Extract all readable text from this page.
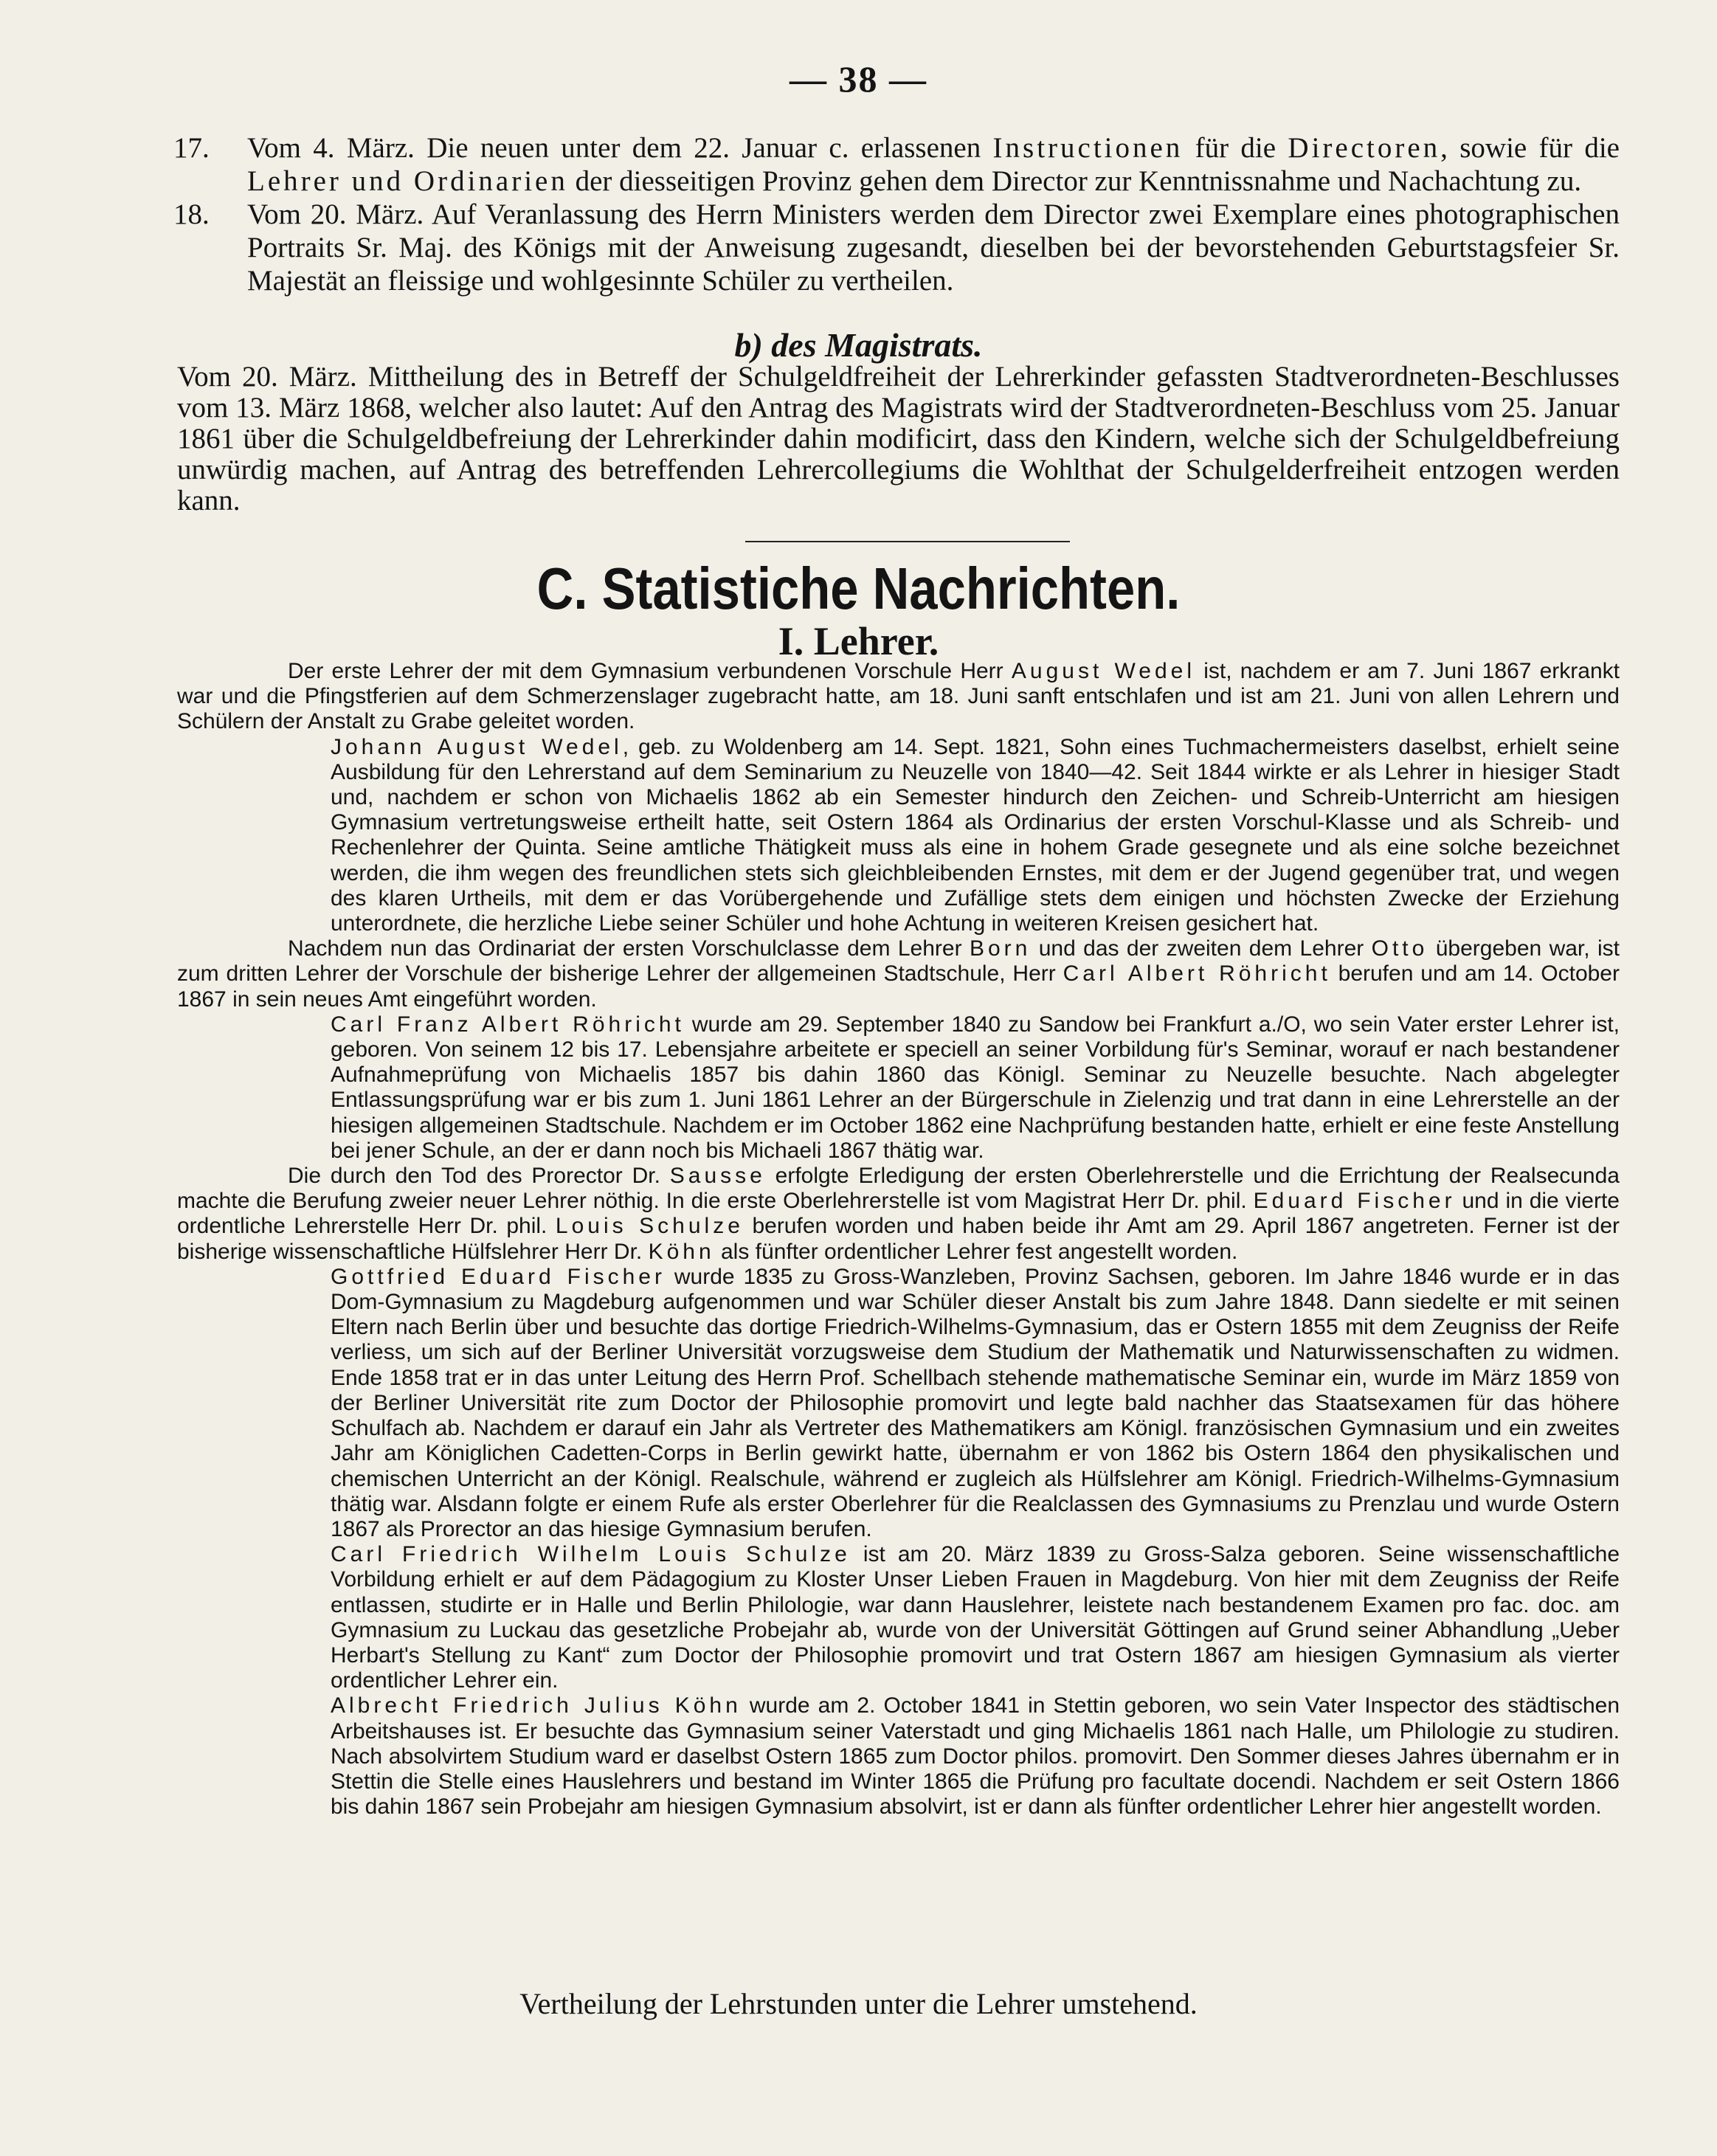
— 38 —
17. Vom 4. März. Die neuen unter dem 22. Januar c. erlassenen Instructionen für die Directoren, sowie für die Lehrer und Ordinarien der diesseitigen Provinz gehen dem Director zur Kenntnissnahme und Nachachtung zu.
18. Vom 20. März. Auf Veranlassung des Herrn Ministers werden dem Director zwei Exemplare eines photographischen Portraits Sr. Maj. des Königs mit der Anweisung zugesandt, dieselben bei der bevorstehenden Geburtstagsfeier Sr. Majestät an fleissige und wohlgesinnte Schüler zu vertheilen.
b) des Magistrats.
Vom 20. März. Mittheilung des in Betreff der Schulgeldfreiheit der Lehrerkinder gefassten Stadtverordneten-Beschlusses vom 13. März 1868, welcher also lautet: Auf den Antrag des Magistrats wird der Stadtverordneten-Beschluss vom 25. Januar 1861 über die Schulgeldbefreiung der Lehrerkinder dahin modificirt, dass den Kindern, welche sich der Schulgeldbefreiung unwürdig machen, auf Antrag des betreffenden Lehrercollegiums die Wohlthat der Schulgelderfreiheit entzogen werden kann.
C. Statistiche Nachrichten.
I. Lehrer.

Der erste Lehrer der mit dem Gymnasium verbundenen Vorschule Herr August Wedel ist, nachdem er am 7. Juni 1867 erkrankt war und die Pfingstferien auf dem Schmerzenslager zugebracht hatte, am 18. Juni sanft entschlafen und ist am 21. Juni von allen Lehrern und Schülern der Anstalt zu Grabe geleitet worden.

Johann August Wedel, geb. zu Woldenberg am 14. Sept. 1821, Sohn eines Tuchmachermeisters daselbst, erhielt seine Ausbildung für den Lehrerstand auf dem Seminarium zu Neuzelle von 1840—42. Seit 1844 wirkte er als Lehrer in hiesiger Stadt und, nachdem er schon von Michaelis 1862 ab ein Semester hindurch den Zeichen- und Schreib-Unterricht am hiesigen Gymnasium vertretungsweise ertheilt hatte, seit Ostern 1864 als Ordinarius der ersten Vorschul-Klasse und als Schreib- und Rechenlehrer der Quinta. Seine amtliche Thätigkeit muss als eine in hohem Grade gesegnete und als eine solche bezeichnet werden, die ihm wegen des freundlichen stets sich gleichbleibenden Ernstes, mit dem er der Jugend gegenüber trat, und wegen des klaren Urtheils, mit dem er das Vorübergehende und Zufällige stets dem einigen und höchsten Zwecke der Erziehung unterordnete, die herzliche Liebe seiner Schüler und hohe Achtung in weiteren Kreisen gesichert hat.

Nachdem nun das Ordinariat der ersten Vorschulclasse dem Lehrer Born und das der zweiten dem Lehrer Otto übergeben war, ist zum dritten Lehrer der Vorschule der bisherige Lehrer der allgemeinen Stadtschule, Herr Carl Albert Röhricht berufen und am 14. October 1867 in sein neues Amt eingeführt worden.

Carl Franz Albert Röhricht wurde am 29. September 1840 zu Sandow bei Frankfurt a./O, wo sein Vater erster Lehrer ist, geboren. Von seinem 12 bis 17. Lebensjahre arbeitete er speciell an seiner Vorbildung für's Seminar, worauf er nach bestandener Aufnahmeprüfung von Michaelis 1857 bis dahin 1860 das Königl. Seminar zu Neuzelle besuchte. Nach abgelegter Entlassungsprüfung war er bis zum 1. Juni 1861 Lehrer an der Bürgerschule in Zielenzig und trat dann in eine Lehrerstelle an der hiesigen allgemeinen Stadtschule. Nachdem er im October 1862 eine Nachprüfung bestanden hatte, erhielt er eine feste Anstellung bei jener Schule, an der er dann noch bis Michaeli 1867 thätig war.

Die durch den Tod des Prorector Dr. Sausse erfolgte Erledigung der ersten Oberlehrerstelle und die Errichtung der Realsecunda machte die Berufung zweier neuer Lehrer nöthig. In die erste Oberlehrerstelle ist vom Magistrat Herr Dr. phil. Eduard Fischer und in die vierte ordentliche Lehrerstelle Herr Dr. phil. Louis Schulze berufen worden und haben beide ihr Amt am 29. April 1867 angetreten. Ferner ist der bisherige wissenschaftliche Hülfslehrer Herr Dr. Köhn als fünfter ordentlicher Lehrer fest angestellt worden.

Gottfried Eduard Fischer wurde 1835 zu Gross-Wanzleben, Provinz Sachsen, geboren. Im Jahre 1846 wurde er in das Dom-Gymnasium zu Magdeburg aufgenommen und war Schüler dieser Anstalt bis zum Jahre 1848. Dann siedelte er mit seinen Eltern nach Berlin über und besuchte das dortige Friedrich-Wilhelms-Gymnasium, das er Ostern 1855 mit dem Zeugniss der Reife verliess, um sich auf der Berliner Universität vorzugsweise dem Studium der Mathematik und Naturwissenschaften zu widmen. Ende 1858 trat er in das unter Leitung des Herrn Prof. Schellbach stehende mathematische Seminar ein, wurde im März 1859 von der Berliner Universität rite zum Doctor der Philosophie promovirt und legte bald nachher das Staatsexamen für das höhere Schulfach ab. Nachdem er darauf ein Jahr als Vertreter des Mathematikers am Königl. französischen Gymnasium und ein zweites Jahr am Königlichen Cadetten-Corps in Berlin gewirkt hatte, übernahm er von 1862 bis Ostern 1864 den physikalischen und chemischen Unterricht an der Königl. Realschule, während er zugleich als Hülfslehrer am Königl. Friedrich-Wilhelms-Gymnasium thätig war. Alsdann folgte er einem Rufe als erster Oberlehrer für die Realclassen des Gymnasiums zu Prenzlau und wurde Ostern 1867 als Prorector an das hiesige Gymnasium berufen.

Carl Friedrich Wilhelm Louis Schulze ist am 20. März 1839 zu Gross-Salza geboren. Seine wissenschaftliche Vorbildung erhielt er auf dem Pädagogium zu Kloster Unser Lieben Frauen in Magdeburg. Von hier mit dem Zeugniss der Reife entlassen, studirte er in Halle und Berlin Philologie, war dann Hauslehrer, leistete nach bestandenem Examen pro fac. doc. am Gymnasium zu Luckau das gesetzliche Probejahr ab, wurde von der Universität Göttingen auf Grund seiner Abhandlung „Ueber Herbart's Stellung zu Kant“ zum Doctor der Philosophie promovirt und trat Ostern 1867 am hiesigen Gymnasium als vierter ordentlicher Lehrer ein.

Albrecht Friedrich Julius Köhn wurde am 2. October 1841 in Stettin geboren, wo sein Vater Inspector des städtischen Arbeitshauses ist. Er besuchte das Gymnasium seiner Vaterstadt und ging Michaelis 1861 nach Halle, um Philologie zu studiren. Nach absolvirtem Studium ward er daselbst Ostern 1865 zum Doctor philos. promovirt. Den Sommer dieses Jahres übernahm er in Stettin die Stelle eines Hauslehrers und bestand im Winter 1865 die Prüfung pro facultate docendi. Nachdem er seit Ostern 1866 bis dahin 1867 sein Probejahr am hiesigen Gymnasium absolvirt, ist er dann als fünfter ordentlicher Lehrer hier angestellt worden.

Vertheilung der Lehrstunden unter die Lehrer umstehend.
